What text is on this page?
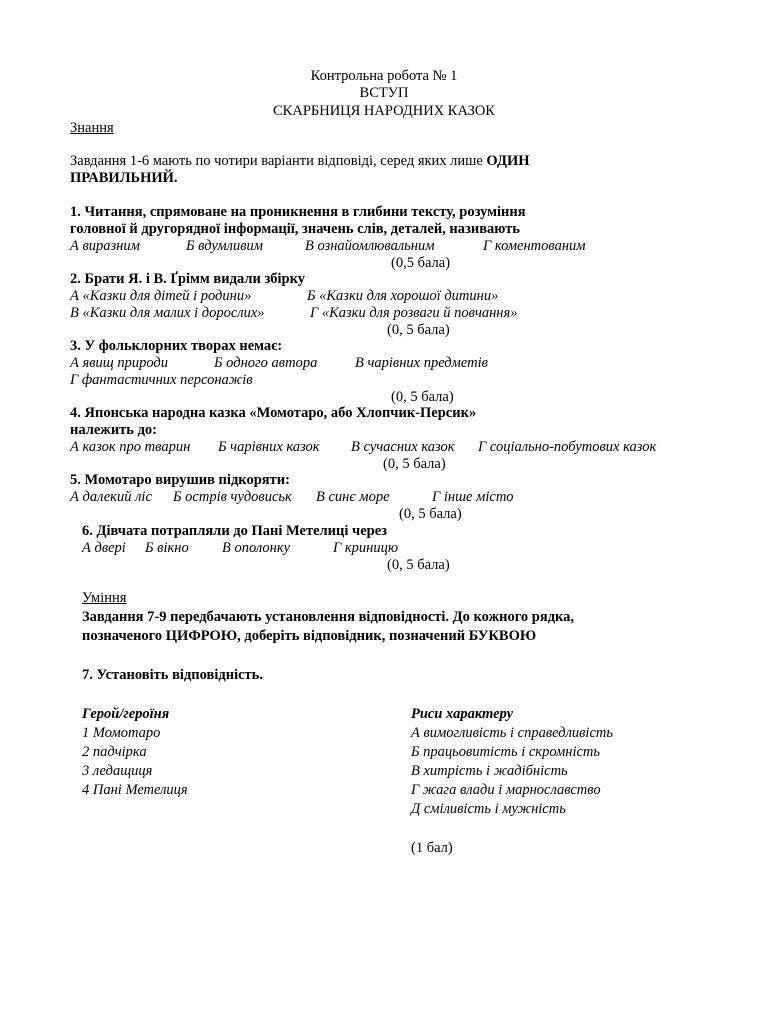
Контрольна робота № 1
ВСТУП
СКАРБНИЦЯ НАРОДНИХ КАЗОК
Знання
Завдання 1-6 мають по чотири варіанти відповіді, серед яких лише ОДИН
ПРАВИЛЬНИЙ.
1. Читання, спрямоване на проникнення в глибини тексту, розуміння
головної й другорядної інформації, значень слів, деталей, називають
А виразним	Б вдумливим	В ознайомлювальним	Г коментованим
(0,5 бала)
2. Брати Я. і В. Ґрімм видали збірку
А «Казки для дітей і родини»	Б «Казки для хорошої дитини»
В «Казки для малих і дорослих»	Г «Казки для розваги й повчання»
(0, 5 бала)
3. У фольклорних творах немає:
А явищ природи	Б одного автора	В чарівних предметів
Г фантастичних персонажів
(0, 5 бала)
4. Японська народна казка «Момотаро, або Хлопчик-Персик»
належить до:
А казок про тварин Б чарівних казок В сучасних казок Г соціально-побутових казок
(0, 5 бала)
5. Момотаро вирушив підкоряти:
А далекий ліс Б острів чудовиськ В синє море	Г інше місто
(0, 5 бала)
6. Дівчата потрапляли до Пані Метелиці через
А двері Б вікно В ополонку	Г криницю
(0, 5 бала)
Уміння
Завдання 7-9 передбачають установлення відповідності. До кожного рядка,
позначеного ЦИФРОЮ, доберіть відповідник, позначений БУКВОЮ
7. Установіть відповідність.
Герой/героїня	Риси характеру
1 Момотаро
2 падчірка
3 ледащиця
4 Пані Метелиця
А вимогливість і справедливість
Б працьовитість і скромність
В хитрість і жадібність
Г жага влади і марнославство
Д сміливість і мужність
(1 бал)
